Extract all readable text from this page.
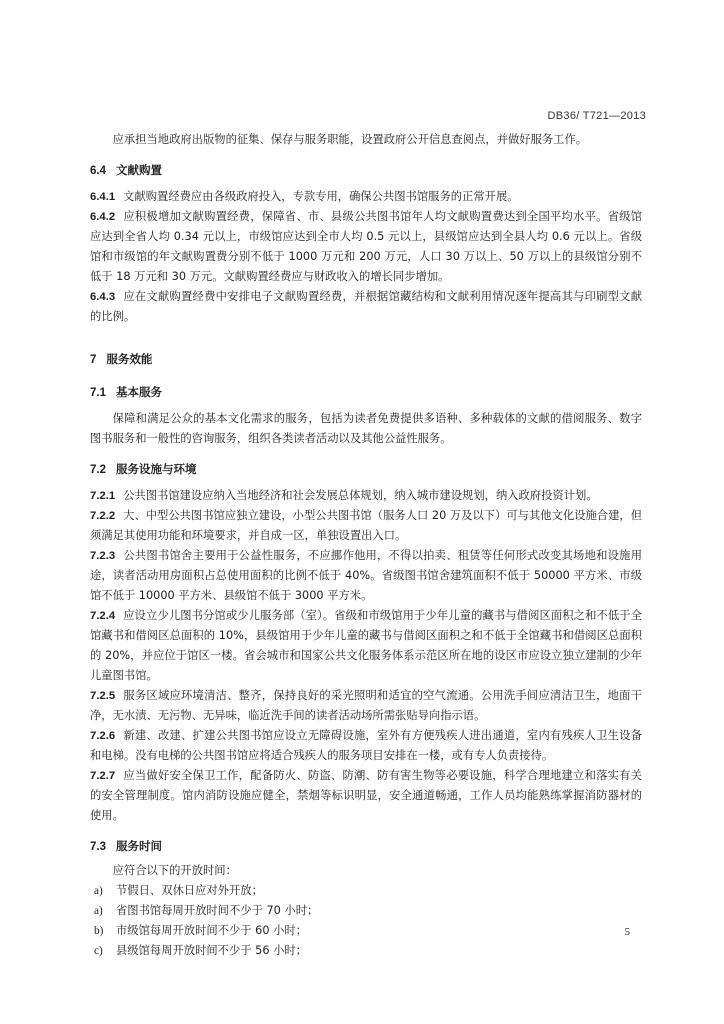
DB36/ T721—2013

应承担当地政府出版物的征集、保存与服务职能，设置政府公开信息查阅点，并做好服务工作。

6.4 文献购置

6.4.1 文献购置经费应由各级政府投入，专款专用，确保公共图书馆服务的正常开展。

6.4.2 应积极增加文献购置经费，保障省、市、县级公共图书馆年人均文献购置费达到全国平均水平。省级馆应达到全省人均 0.34 元以上，市级馆应达到全市人均 0.5 元以上，县级馆应达到全县人均 0.6 元以上。省级馆和市级馆的年文献购置费分别不低于 1000 万元和 200 万元，人口 30 万以上、50 万以上的县级馆分别不低于 18 万元和 30 万元。文献购置经费应与财政收入的增长同步增加。

6.4.3 应在文献购置经费中安排电子文献购置经费，并根据馆藏结构和文献利用情况逐年提高其与印刷型文献的比例。

7 服务效能

7.1 基本服务

保障和满足公众的基本文化需求的服务，包括为读者免费提供多语种、多种载体的文献的借阅服务、数字图书服务和一般性的咨询服务，组织各类读者活动以及其他公益性服务。

7.2 服务设施与环境

7.2.1 公共图书馆建设应纳入当地经济和社会发展总体规划，纳入城市建设规划，纳入政府投资计划。

7.2.2 大、中型公共图书馆应独立建设，小型公共图书馆（服务人口 20 万及以下）可与其他文化设施合建，但须满足其使用功能和环境要求，并自成一区，单独设置出入口。

7.2.3 公共图书馆舍主要用于公益性服务，不应挪作他用，不得以拍卖、租赁等任何形式改变其场地和设施用途，读者活动用房面积占总使用面积的比例不低于 40%。省级图书馆舍建筑面积不低于 50000 平方米、市级馆不低于 10000 平方米、县级馆不低于 3000 平方米。

7.2.4 应设立少儿图书分馆或少儿服务部（室）。省级和市级馆用于少年儿童的藏书与借阅区面积之和不低于全馆藏书和借阅区总面积的 10%，县级馆用于少年儿童的藏书与借阅区面积之和不低于全馆藏书和借阅区总面积的 20%，并应位于馆区一楼。省会城市和国家公共文化服务体系示范区所在地的设区市应设立独立建制的少年儿童图书馆。

7.2.5 服务区域应环境清洁、整齐，保持良好的采光照明和适宜的空气流通。公用洗手间应清洁卫生，地面干净，无水渍、无污物、无异味，临近洗手间的读者活动场所需张贴导向指示语。

7.2.6 新建、改建、扩建公共图书馆应设立无障碍设施，室外有方便残疾人进出通道，室内有残疾人卫生设备和电梯。没有电梯的公共图书馆应将适合残疾人的服务项目安排在一楼，或有专人负责接待。

7.2.7 应当做好安全保卫工作，配备防火、防盗、防潮、防有害生物等必要设施，科学合理地建立和落实有关的安全管理制度。馆内消防设施应健全，禁烟等标识明显，安全通道畅通，工作人员均能熟练掌握消防器材的使用。

7.3 服务时间

应符合以下的开放时间：

a) 节假日、双休日应对外开放；
a) 省图书馆每周开放时间不少于 70 小时；
b) 市级馆每周开放时间不少于 60 小时；
c) 县级馆每周开放时间不少于 56 小时；
5
